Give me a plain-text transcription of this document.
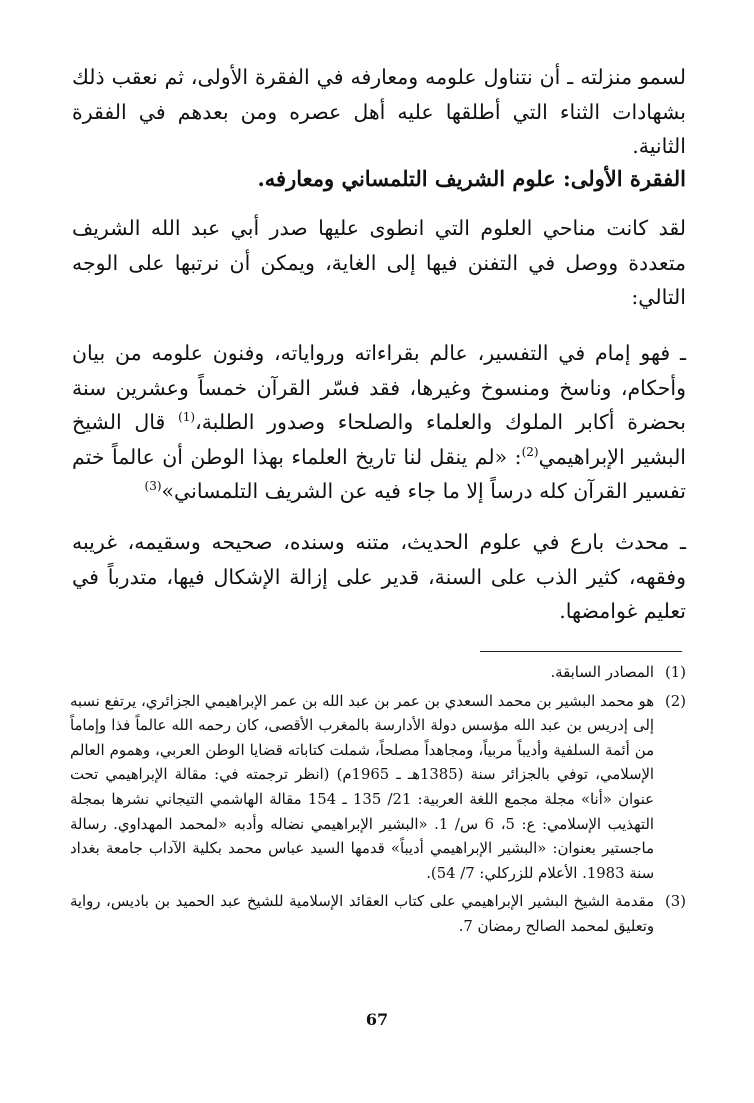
لسمو منزلته ـ أن نتناول علومه ومعارفه في الفقرة الأولى، ثم نعقب ذلك بشهادات الثناء التي أطلقها عليه أهل عصره ومن بعدهم في الفقرة الثانية.

الفقرة الأولى: علوم الشريف التلمساني ومعارفه.

لقد كانت مناحي العلوم التي انطوى عليها صدر أبي عبد الله الشريف متعددة ووصل في التفنن فيها إلى الغاية، ويمكن أن نرتبها على الوجه التالي:

ـ فهو إمام في التفسير، عالم بقراءاته ورواياته، وفنون علومه من بيان وأحكام، وناسخ ومنسوخ وغيرها، فقد فسّر القرآن خمساً وعشرين سنة بحضرة أكابر الملوك والعلماء والصلحاء وصدور الطلبة،$^{(1)}$ قال الشيخ البشير الإبراهيمي$^{(2)}$: «لم ينقل لنا تاريخ العلماء بهذا الوطن أن عالماً ختم تفسير القرآن كله درساً إلا ما جاء فيه عن الشريف التلمساني»$^{(3)}$

ـ محدث بارع في علوم الحديث، متنه وسنده، صحيحه وسقيمه، غريبه وفقهه، كثير الذب على السنة، قدير على إزالة الإشكال فيها، متدرباً في تعليم غوامضها.

(1)

المصادر السابقة.

(2)

هو محمد البشير بن محمد السعدي بن عمر بن عبد الله بن عمر الإبراهيمي الجزائري، يرتفع نسبه إلى إدريس بن عبد الله مؤسس دولة الأدارسة بالمغرب الأقصى، كان رحمه الله عالماً فذا وإماماً من أئمة السلفية وأديباً مربياً، ومجاهداً مصلحاً، شملت كتاباته قضايا الوطن العربي، وهموم العالم الإسلامي، توفي بالجزائر سنة (1385هـ ـ 1965م) (انظر ترجمته في: مقالة الإبراهيمي تحت عنوان «أنا» مجلة مجمع اللغة العربية: 21/ 135 ـ 154 مقالة الهاشمي التيجاني نشرها بمجلة التهذيب الإسلامي: ع: 5، 6 س/ 1. «البشير الإبراهيمي نضاله وأدبه «لمحمد المهداوي. رسالة ماجستير بعنوان: «البشير الإبراهيمي أديباً» قدمها السيد عباس محمد بكلية الآداب جامعة بغداد سنة 1983. الأعلام للزركلي: 7/ 54).

(3)

مقدمة الشيخ البشير الإبراهيمي على كتاب العقائد الإسلامية للشيخ عبد الحميد بن باديس، رواية وتعليق لمحمد الصالح رمضان 7.

67
